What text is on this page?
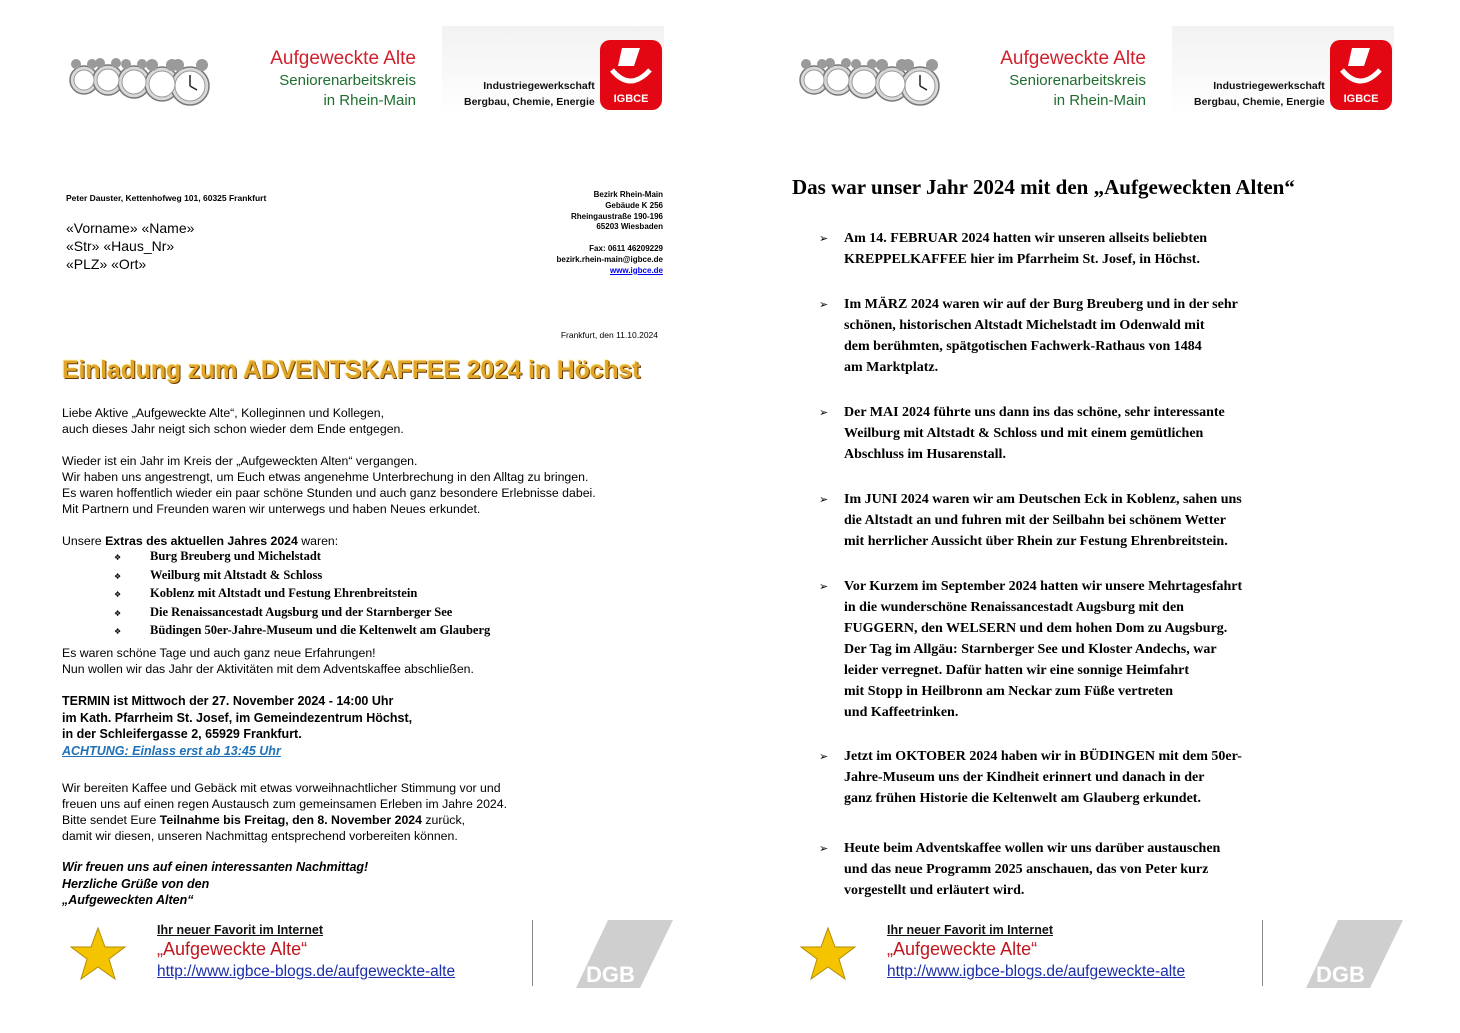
Aufgeweckte Alte
Seniorenarbeitskreis
in Rhein-Main
Industriegewerkschaft
Bergbau, Chemie, Energie	IGBCE
Peter Dauster, Kettenhofweg 101, 60325 Frankfurt
«Vorname» «Name»
«Str» «Haus_Nr»
«PLZ» «Ort»
Bezirk Rhein-Main
Gebäude K 256
Rheingaustraße 190-196
65203 Wiesbaden
Fax: 0611 46209229
bezirk.rhein-main@igbce.de
www.igbce.de
Frankfurt, den 11.10.2024
Einladung zum ADVENTSKAFFEE 2024 in Höchst
Liebe Aktive „Aufgeweckte Alte“, Kolleginnen und Kollegen,
auch dieses Jahr neigt sich schon wieder dem Ende entgegen.
Wieder ist ein Jahr im Kreis der „Aufgeweckten Alten“ vergangen.
Wir haben uns angestrengt, um Euch etwas angenehme Unterbrechung in den Alltag zu bringen.
Es waren hoffentlich wieder ein paar schöne Stunden und auch ganz besondere Erlebnisse dabei.
Mit Partnern und Freunden waren wir unterwegs und haben Neues erkundet.
Unsere Extras des aktuellen Jahres 2024 waren:
❖ Burg Breuberg und Michelstadt
❖ Weilburg mit Altstadt & Schloss
❖ Koblenz mit Altstadt und Festung Ehrenbreitstein
❖ Die Renaissancestadt Augsburg und der Starnberger See
❖ Büdingen 50er-Jahre-Museum und die Keltenwelt am Glauberg
Es waren schöne Tage und auch ganz neue Erfahrungen!
Nun wollen wir das Jahr der Aktivitäten mit dem Adventskaffee abschließen.
TERMIN ist Mittwoch der 27. November 2024 - 14:00 Uhr
im Kath. Pfarrheim St. Josef, im Gemeindezentrum Höchst,
in der Schleifergasse 2, 65929 Frankfurt.
ACHTUNG: Einlass erst ab 13:45 Uhr
Wir bereiten Kaffee und Gebäck mit etwas vorweihnachtlicher Stimmung vor und
freuen uns auf einen regen Austausch zum gemeinsamen Erleben im Jahre 2024.
Bitte sendet Eure Teilnahme bis Freitag, den 8. November 2024 zurück,
damit wir diesen, unseren Nachmittag entsprechend vorbereiten können.
Wir freuen uns auf einen interessanten Nachmittag!
Herzliche Grüße von den
„Aufgeweckten Alten“
Ihr neuer Favorit im Internet
„Aufgeweckte Alte“
http://www.igbce-blogs.de/aufgeweckte-alte	DGB
Aufgeweckte Alte
Seniorenarbeitskreis
in Rhein-Main
Industriegewerkschaft
Bergbau, Chemie, Energie	IGBCE
Das war unser Jahr 2024 mit den „Aufgeweckten Alten“
➢ Am 14. FEBRUAR 2024 hatten wir unseren allseits beliebten
KREPPELKAFFEE hier im Pfarrheim St. Josef, in Höchst.
➢ Im MÄRZ 2024 waren wir auf der Burg Breuberg und in der sehr
schönen, historischen Altstadt Michelstadt im Odenwald mit
dem berühmten, spätgotischen Fachwerk-Rathaus von 1484
am Marktplatz.
➢ Der MAI 2024 führte uns dann ins das schöne, sehr interessante
Weilburg mit Altstadt & Schloss und mit einem gemütlichen
Abschluss im Husarenstall.
➢ Im JUNI 2024 waren wir am Deutschen Eck in Koblenz, sahen uns
die Altstadt an und fuhren mit der Seilbahn bei schönem Wetter
mit herrlicher Aussicht über Rhein zur Festung Ehrenbreitstein.
➢ Vor Kurzem im September 2024 hatten wir unsere Mehrtagesfahrt
in die wunderschöne Renaissancestadt Augsburg mit den
FUGGERN, den WELSERN und dem hohen Dom zu Augsburg.
Der Tag im Allgäu: Starnberger See und Kloster Andechs, war
leider verregnet. Dafür hatten wir eine sonnige Heimfahrt
mit Stopp in Heilbronn am Neckar zum Füße vertreten
und Kaffeetrinken.
➢ Jetzt im OKTOBER 2024 haben wir in BÜDINGEN mit dem 50er-
Jahre-Museum uns der Kindheit erinnert und danach in der
ganz frühen Historie die Keltenwelt am Glauberg erkundet.
➢ Heute beim Adventskaffee wollen wir uns darüber austauschen
und das neue Programm 2025 anschauen, das von Peter kurz
vorgestellt und erläutert wird.
Ihr neuer Favorit im Internet
„Aufgeweckte Alte“
http://www.igbce-blogs.de/aufgeweckte-alte	DGB
